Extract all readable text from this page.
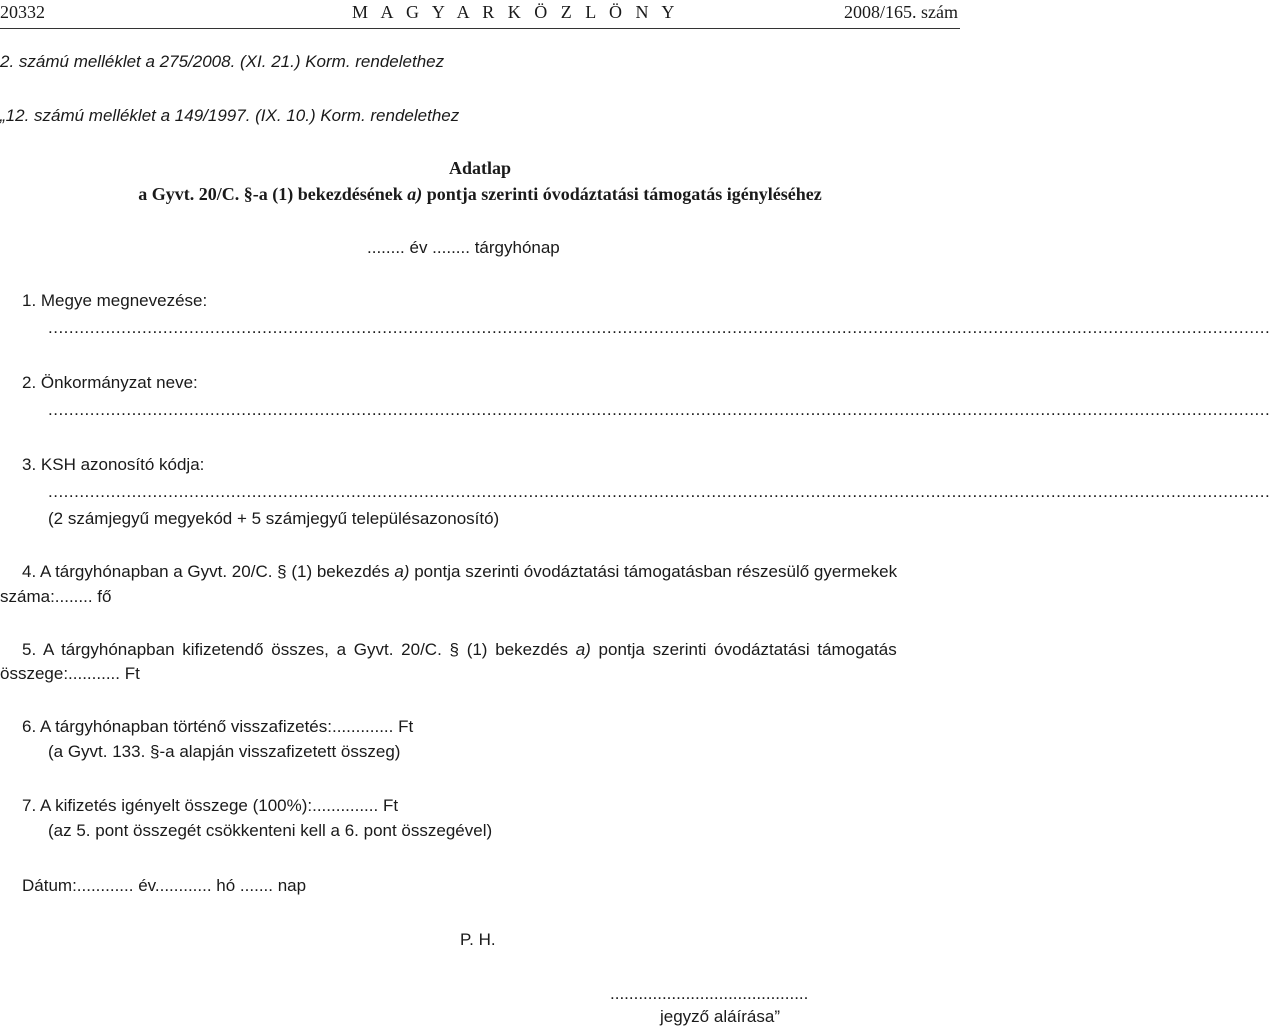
20332	M A G Y A R K Ö Z L Ö N Y	2008/165. szám
2. számú melléklet a 275/2008. (XI. 21.) Korm. rendelethez
„12. számú melléklet a 149/1997. (IX. 10.) Korm. rendelethez
Adatlap
a Gyvt. 20/C. §-a (1) bekezdésének a) pontja szerinti óvodáztatási támogatás igényléséhez
........ év ........ tárgyhónap
1. Megye megnevezése:
..........................................................................................................................................................................................................................................
2. Önkormányzat neve:
..........................................................................................................................................................................................................................................
3. KSH azonosító kódja:
..........................................................................................................................................................................................................................................
(2 számjegyű megyekód + 5 számjegyű településazonosító)
4. A tárgyhónapban a Gyvt. 20/C. § (1) bekezdés a) pontja szerinti óvodáztatási támogatásban részesülő gyermekek
száma:........ fő
5. A tárgyhónapban kifizetendő összes, a Gyvt. 20/C. § (1) bekezdés a) pontja szerinti óvodáztatási támogatás
összege:........... Ft
6. A tárgyhónapban történő visszafizetés:............. Ft
(a Gyvt. 133. §-a alapján visszafizetett összeg)
7. A kifizetés igényelt összege (100%):.............. Ft
(az 5. pont összegét csökkenteni kell a 6. pont összegével)
Dátum:............ év............ hó ....... nap
P. H.
..........................................
jegyző aláírása”
